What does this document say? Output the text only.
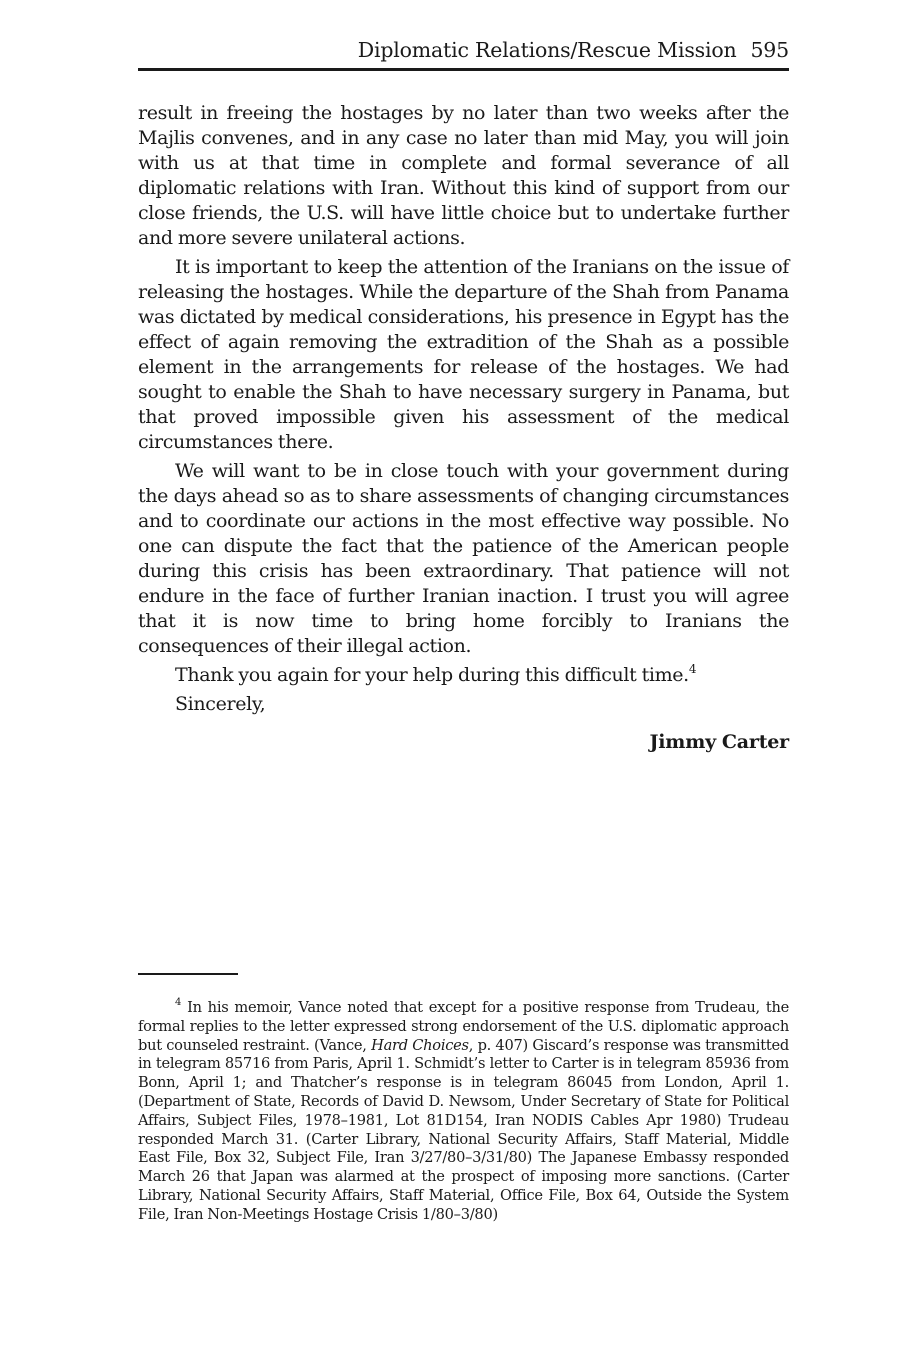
Diplomatic Relations/Rescue Mission 595

result in freeing the hostages by no later than two weeks after the Majlis convenes, and in any case no later than mid May, you will join with us at that time in complete and formal severance of all diplomatic relations with Iran. Without this kind of support from our close friends, the U.S. will have little choice but to undertake further and more severe unilateral actions.

It is important to keep the attention of the Iranians on the issue of releasing the hostages. While the departure of the Shah from Panama was dictated by medical considerations, his presence in Egypt has the effect of again removing the extradition of the Shah as a possible element in the arrangements for release of the hostages. We had sought to enable the Shah to have necessary surgery in Panama, but that proved impossible given his assessment of the medical circumstances there.

We will want to be in close touch with your government during the days ahead so as to share assessments of changing circumstances and to coordinate our actions in the most effective way possible. No one can dispute the fact that the patience of the American people during this crisis has been extraordinary. That patience will not endure in the face of further Iranian inaction. I trust you will agree that it is now time to bring home forcibly to Iranians the consequences of their illegal action.

Thank you again for your help during this difficult time.$^4$

Sincerely,

Jimmy Carter

$^4$ In his memoir, Vance noted that except for a positive response from Trudeau, the formal replies to the letter expressed strong endorsement of the U.S. diplomatic approach but counseled restraint. (Vance, Hard Choices, p. 407) Giscard’s response was transmitted in telegram 85716 from Paris, April 1. Schmidt’s letter to Carter is in telegram 85936 from Bonn, April 1; and Thatcher’s response is in telegram 86045 from London, April 1. (Department of State, Records of David D. Newsom, Under Secretary of State for Political Affairs, Subject Files, 1978–1981, Lot 81D154, Iran NODIS Cables Apr 1980) Trudeau responded March 31. (Carter Library, National Security Affairs, Staff Material, Middle East File, Box 32, Subject File, Iran 3/27/80–3/31/80) The Japanese Embassy responded March 26 that Japan was alarmed at the prospect of imposing more sanctions. (Carter Library, National Security Affairs, Staff Material, Office File, Box 64, Outside the System File, Iran Non-Meetings Hostage Crisis 1/80–3/80)
